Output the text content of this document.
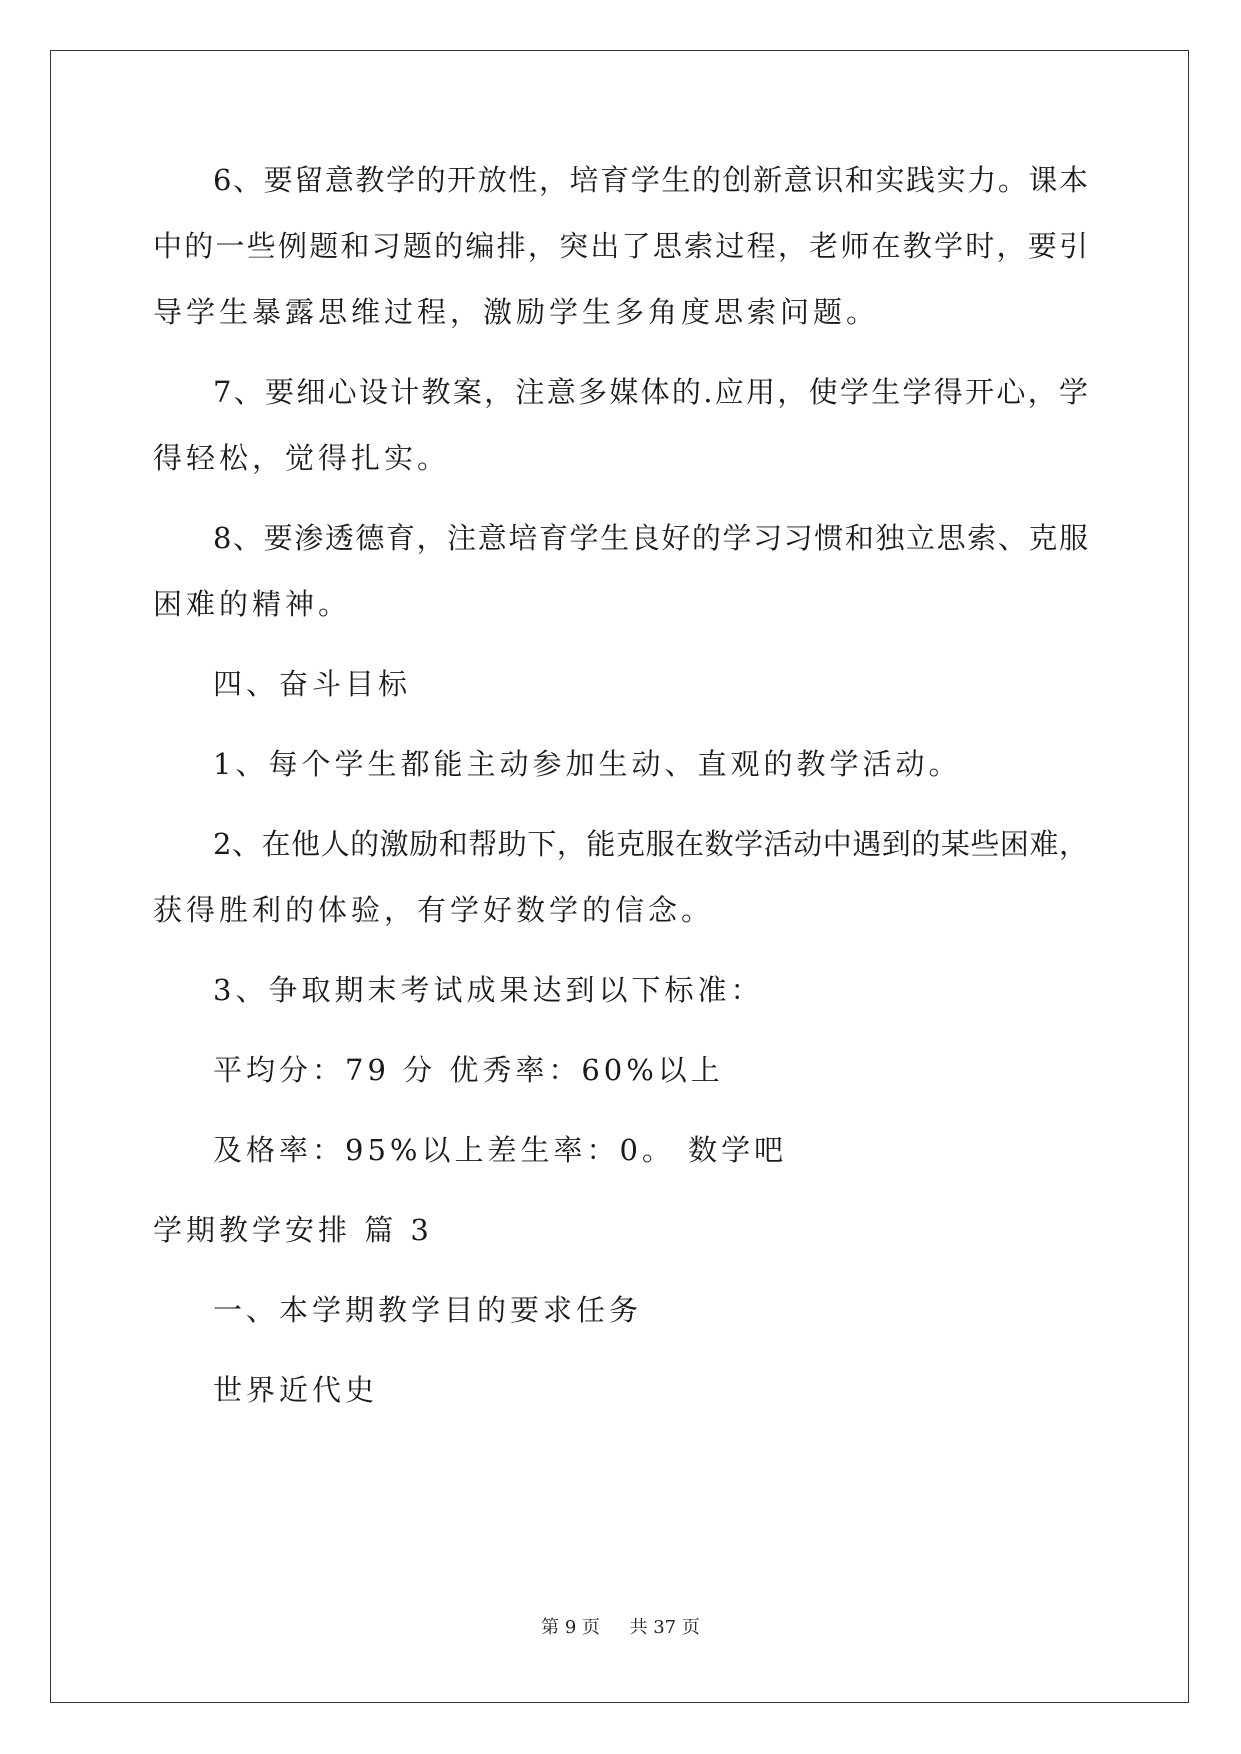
6、要留意教学的开放性，培育学生的创新意识和实践实力。课本
中的一些例题和习题的编排，突出了思索过程，老师在教学时，要引
导学生暴露思维过程，激励学生多角度思索问题。
7、要细心设计教案，注意多媒体的.应用，使学生学得开心，学
得轻松，觉得扎实。
8、要渗透德育，注意培育学生良好的学习习惯和独立思索、克服
困难的精神。
四、奋斗目标
1、每个学生都能主动参加生动、直观的教学活动。
2、在他人的激励和帮助下，能克服在数学活动中遇到的某些困难，
获得胜利的体验，有学好数学的信念。
3、争取期末考试成果达到以下标准：
平均分：79 分 优秀率：60%以上
及格率：95%以上差生率：0。 数学吧
学期教学安排 篇 3
一、本学期教学目的要求任务
世界近代史
第 9 页 共 37 页
